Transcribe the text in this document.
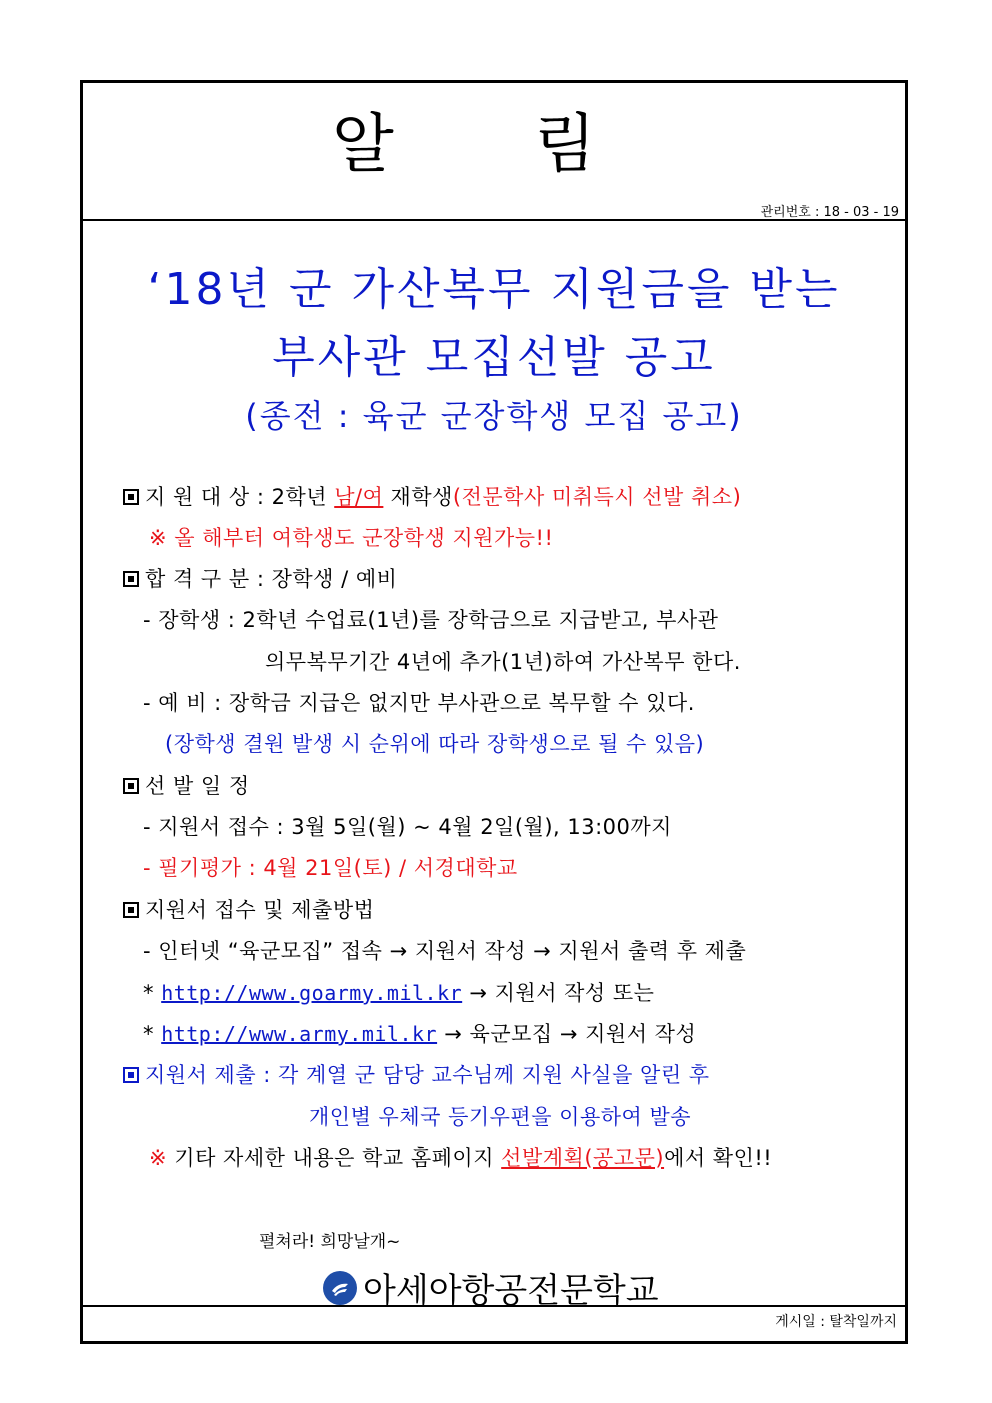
알 림
관리번호 : 18 - 03 - 19
‘18년 군 가산복무 지원금을 받는
부사관 모집선발 공고
(종전 : 육군 군장학생 모집 공고)
지 원 대 상 : 2학년 남/여 재학생(전문학사 미취득시 선발 취소)
※ 올 해부터 여학생도 군장학생 지원가능!!
합 격 구 분 : 장학생 / 예비
- 장학생 : 2학년 수업료(1년)를 장학금으로 지급받고, 부사관
의무복무기간 4년에 추가(1년)하여 가산복무 한다.
- 예 비 : 장학금 지급은 없지만 부사관으로 복무할 수 있다.
(장학생 결원 발생 시 순위에 따라 장학생으로 될 수 있음)
선 발 일 정
- 지원서 접수 : 3월 5일(월) ~ 4월 2일(월), 13:00까지
- 필기평가 : 4월 21일(토) / 서경대학교
지원서 접수 및 제출방법
- 인터넷 “육군모집” 접속 → 지원서 작성 → 지원서 출력 후 제출
* http://www.goarmy.mil.kr → 지원서 작성 또는
* http://www.army.mil.kr → 육군모집 → 지원서 작성
지원서 제출 : 각 계열 군 담당 교수님께 지원 사실을 알린 후
개인별 우체국 등기우편을 이용하여 발송
※ 기타 자세한 내용은 학교 홈페이지 선발계획(공고문)에서 확인!!
펼쳐라! 희망날개~
아세아항공전문학교
게시일 : 탈착일까지
